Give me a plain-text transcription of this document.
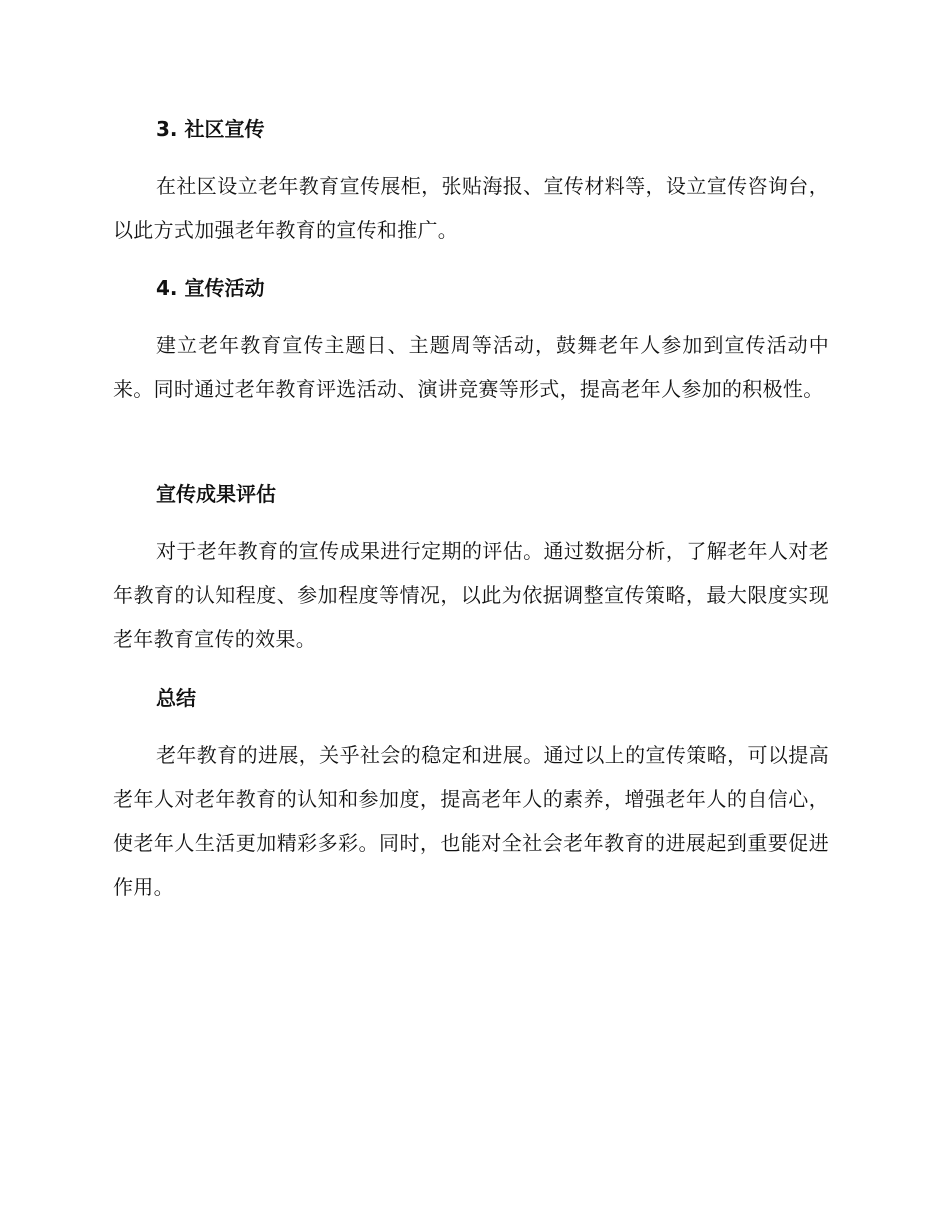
3. 社区宣传

在社区设立老年教育宣传展柜，张贴海报、宣传材料等，设立宣传咨询台，以此方式加强老年教育的宣传和推广。

4. 宣传活动

建立老年教育宣传主题日、主题周等活动，鼓舞老年人参加到宣传活动中来。同时通过老年教育评选活动、演讲竞赛等形式，提高老年人参加的积极性。

宣传成果评估

对于老年教育的宣传成果进行定期的评估。通过数据分析，了解老年人对老年教育的认知程度、参加程度等情况，以此为依据调整宣传策略，最大限度实现老年教育宣传的效果。

总结

老年教育的进展，关乎社会的稳定和进展。通过以上的宣传策略，可以提高老年人对老年教育的认知和参加度，提高老年人的素养，增强老年人的自信心，使老年人生活更加精彩多彩。同时，也能对全社会老年教育的进展起到重要促进作用。
